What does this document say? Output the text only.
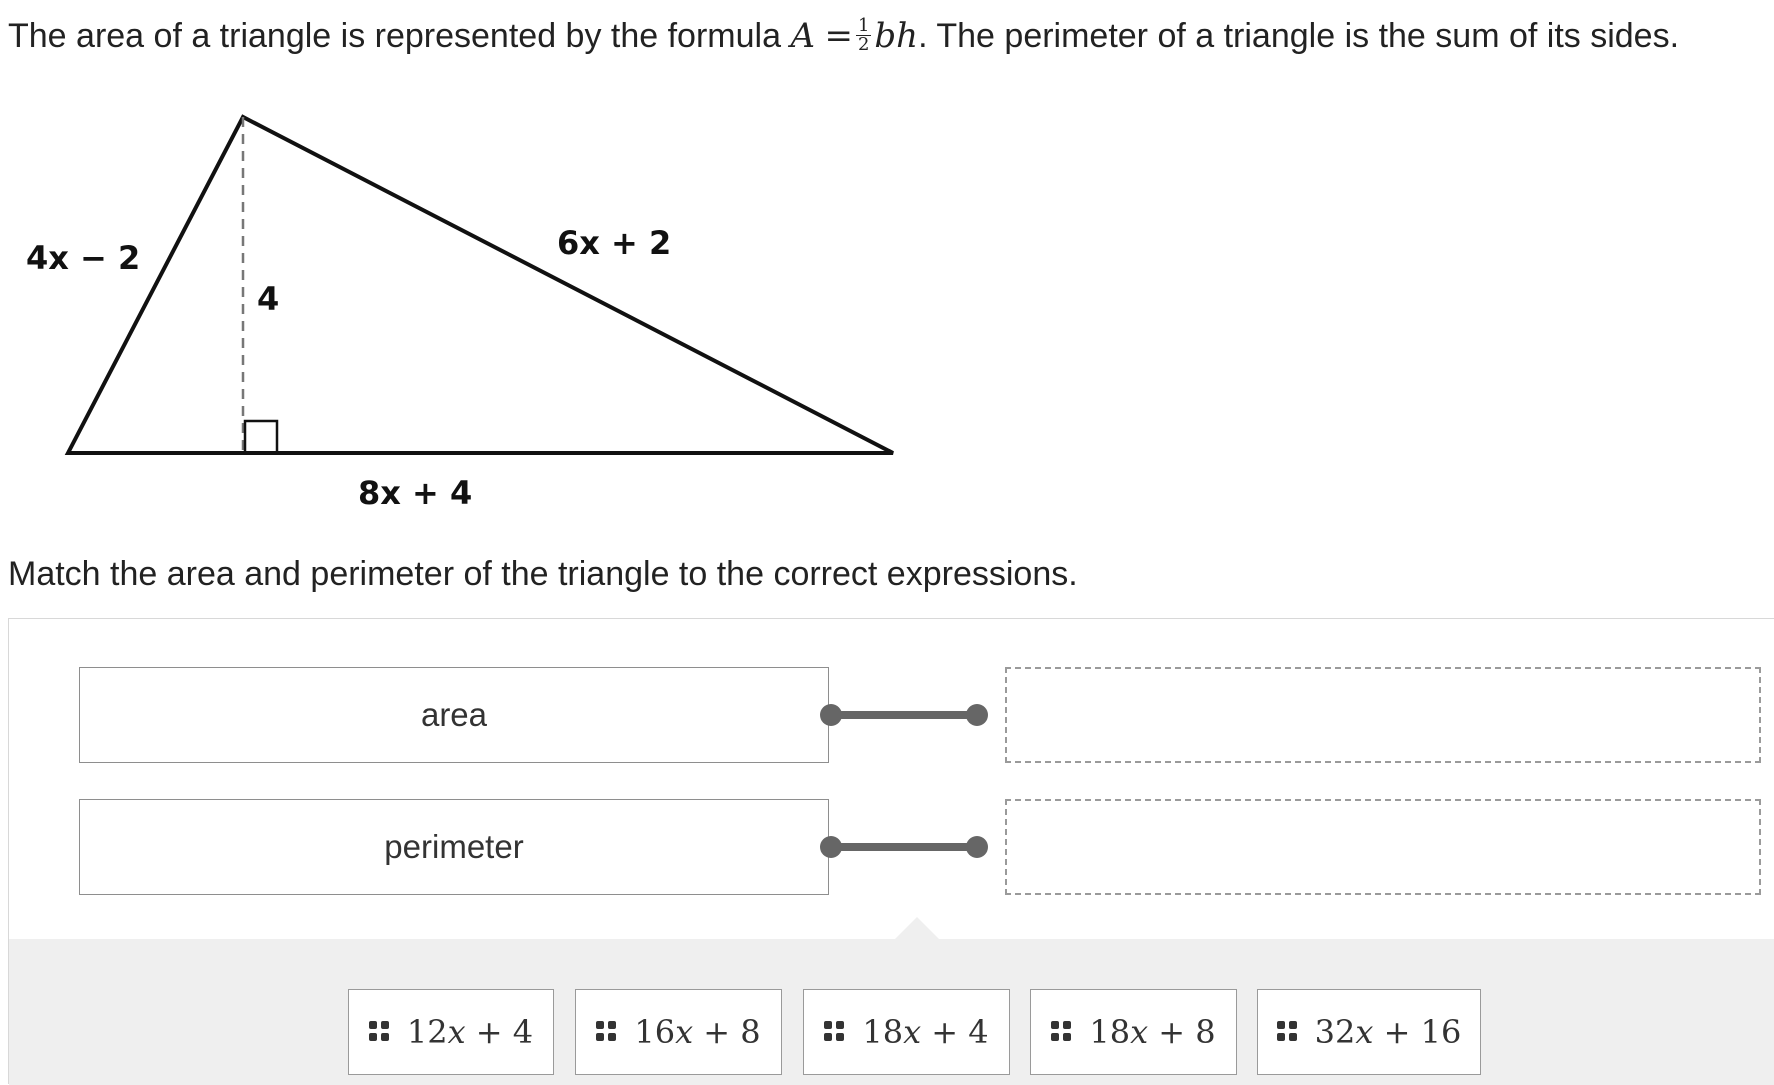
The area of a triangle is represented by the formula $A = \frac{1}{2}$ bh. The perimeter of a triangle is the sum of its sides.
4x − 2	6x + 2
4
8x + 4
Match the area and perimeter of the triangle to the correct expressions.
area
perimeter
12x + 4	16x + 8	18x + 4	18x + 8	32x + 16
